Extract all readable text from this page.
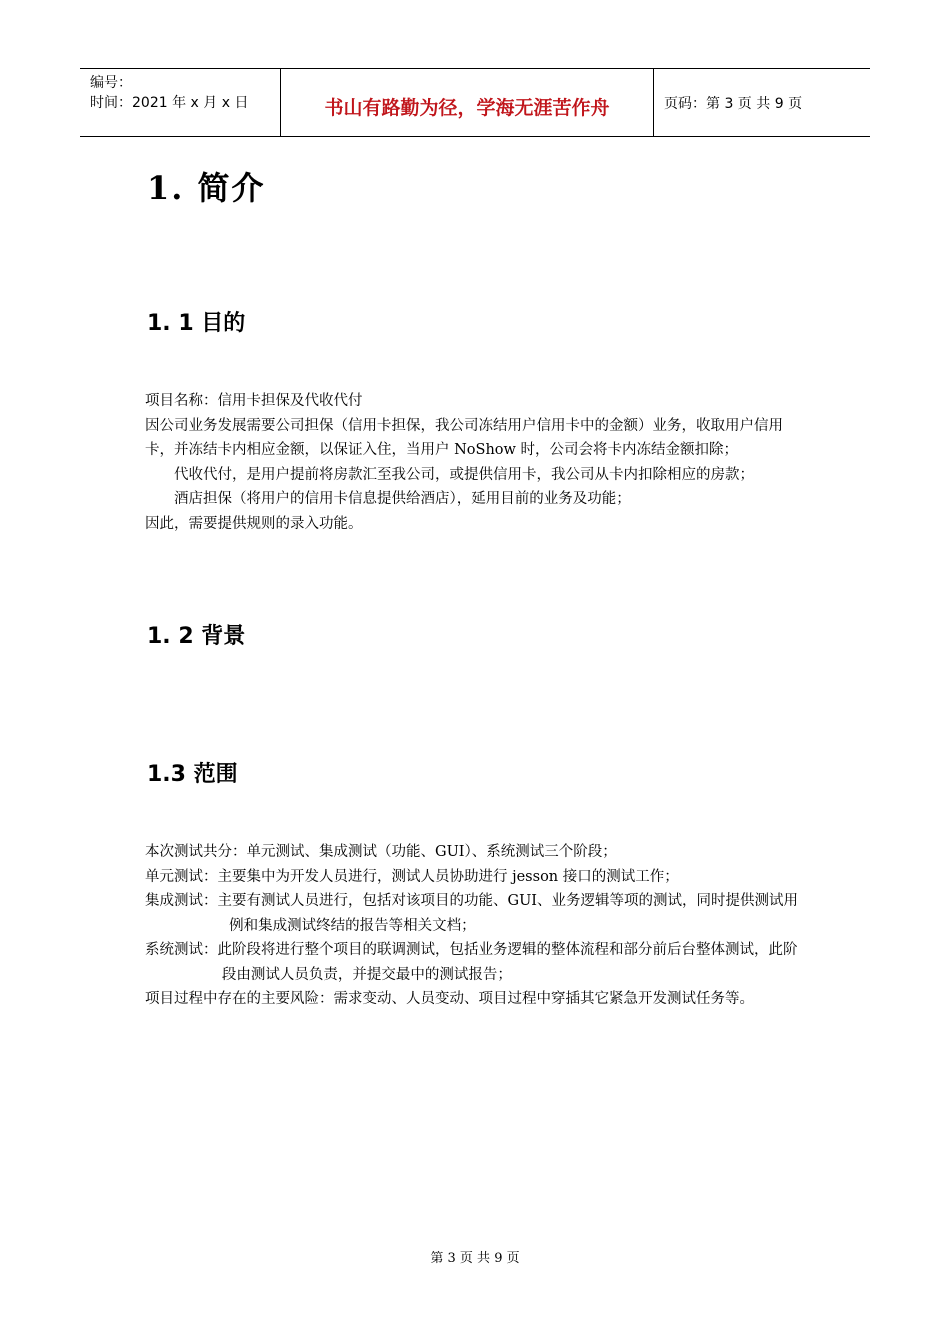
编号：
时间：2021 年 x 月 x 日	书山有路勤为径，学海无涯苦作舟	页码：第 3 页 共 9 页
1. 简介
1. 1 目的

项目名称：信用卡担保及代收代付

因公司业务发展需要公司担保（信用卡担保，我公司冻结用户信用卡中的金额）业务，收取用户信用卡，并冻结卡内相应金额，以保证入住，当用户 NoShow 时，公司会将卡内冻结金额扣除；

代收代付，是用户提前将房款汇至我公司，或提供信用卡，我公司从卡内扣除相应的房款；

酒店担保（将用户的信用卡信息提供给酒店），延用目前的业务及功能；

因此，需要提供规则的录入功能。

1. 2 背景
1.3 范围

本次测试共分：单元测试、集成测试（功能、GUI）、系统测试三个阶段；

单元测试：主要集中为开发人员进行，测试人员协助进行 jesson 接口的测试工作；

集成测试：主要有测试人员进行，包括对该项目的功能、GUI、业务逻辑等项的测试，同时提供测试用例和集成测试终结的报告等相关文档；

系统测试：此阶段将进行整个项目的联调测试，包括业务逻辑的整体流程和部分前后台整体测试，此阶段由测试人员负责，并提交最中的测试报告；

项目过程中存在的主要风险：需求变动、人员变动、项目过程中穿插其它紧急开发测试任务等。

第 3 页 共 9 页
